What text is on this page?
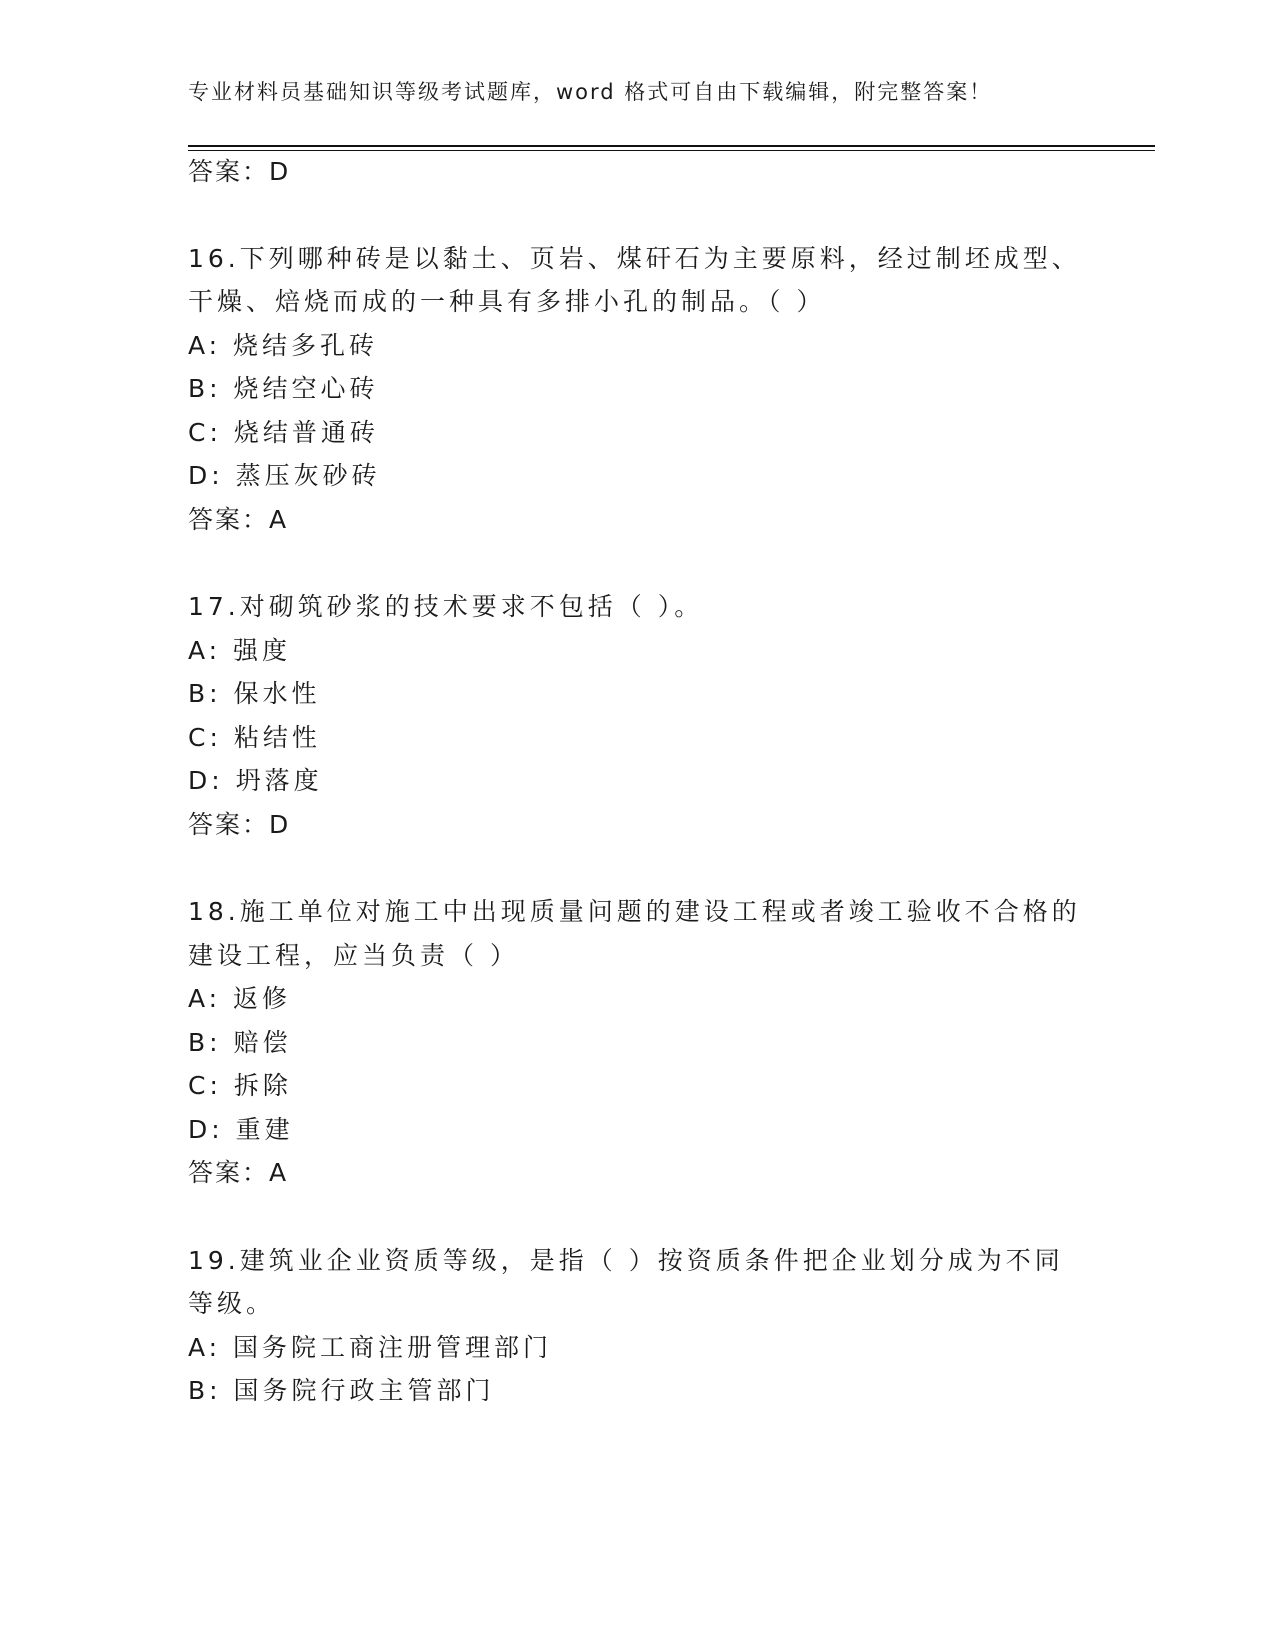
专业材料员基础知识等级考试题库，word 格式可自由下载编辑，附完整答案！
答案：D
16.下列哪种砖是以黏土、页岩、煤矸石为主要原料，经过制坯成型、
干燥、焙烧而成的一种具有多排小孔的制品。（ ）
A: 烧结多孔砖
B: 烧结空心砖
C: 烧结普通砖
D: 蒸压灰砂砖
答案：A
17.对砌筑砂浆的技术要求不包括（ ）。
A: 强度
B: 保水性
C: 粘结性
D: 坍落度
答案：D
18.施工单位对施工中出现质量问题的建设工程或者竣工验收不合格的
建设工程，应当负责（ ）
A: 返修
B: 赔偿
C: 拆除
D: 重建
答案：A
19.建筑业企业资质等级，是指（ ）按资质条件把企业划分成为不同
等级。
A: 国务院工商注册管理部门
B: 国务院行政主管部门
